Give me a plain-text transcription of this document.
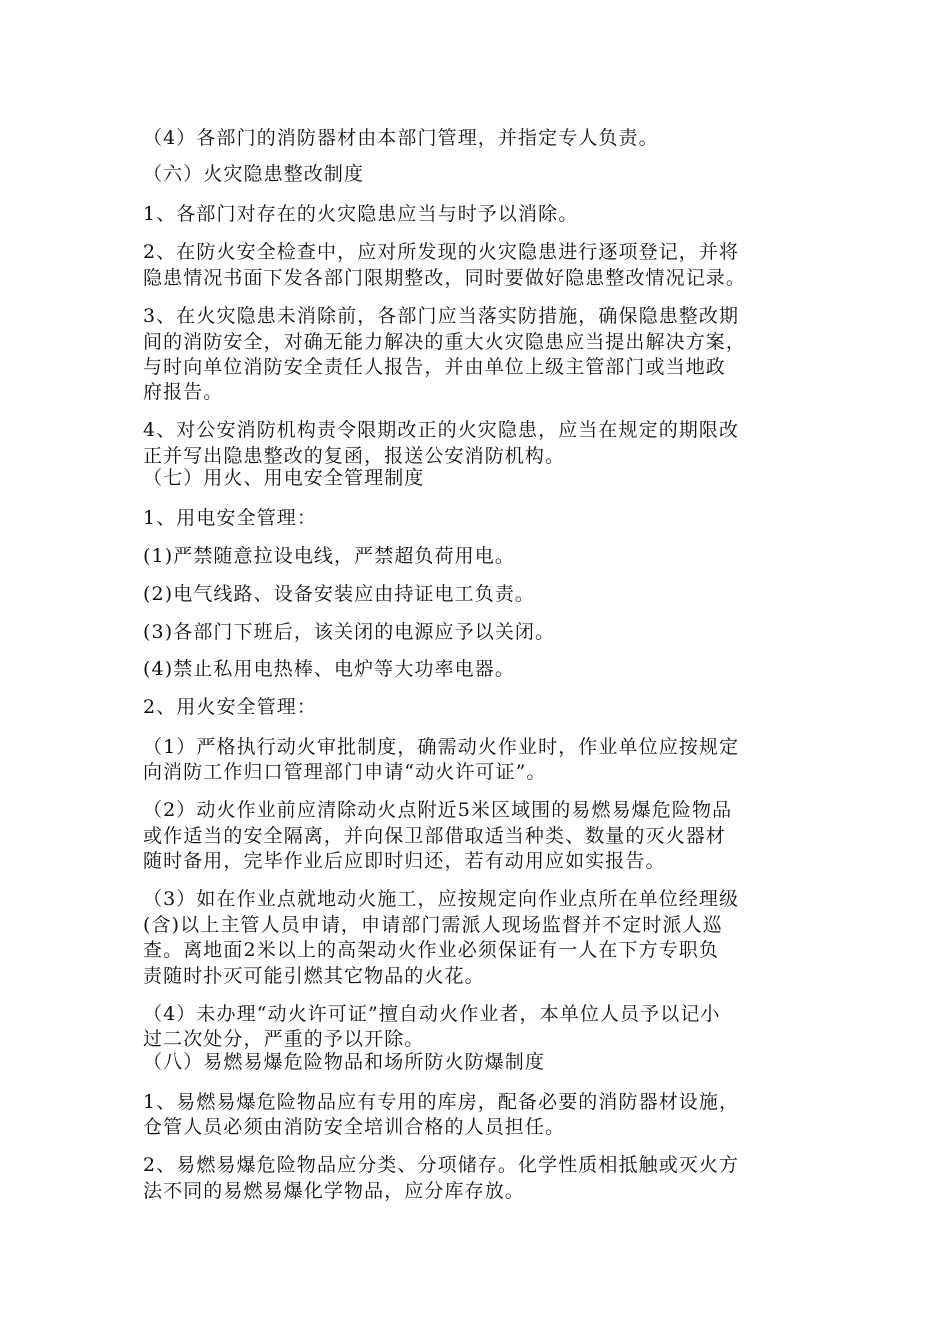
（4）各部门的消防器材由本部门管理，并指定专人负责。
（六）火灾隐患整改制度
1、各部门对存在的火灾隐患应当与时予以消除。
2、在防火安全检查中，应对所发现的火灾隐患进行逐项登记，并将
隐患情况书面下发各部门限期整改，同时要做好隐患整改情况记录。
3、在火灾隐患未消除前，各部门应当落实防措施，确保隐患整改期
间的消防安全，对确无能力解决的重大火灾隐患应当提出解决方案，
与时向单位消防安全责任人报告，并由单位上级主管部门或当地政
府报告。
4、对公安消防机构责令限期改正的火灾隐患，应当在规定的期限改
正并写出隐患整改的复函，报送公安消防机构。
（七）用火、用电安全管理制度
1、用电安全管理：
(1)严禁随意拉设电线，严禁超负荷用电。
(2)电气线路、设备安装应由持证电工负责。
(3)各部门下班后，该关闭的电源应予以关闭。
(4)禁止私用电热棒、电炉等大功率电器。
2、用火安全管理：
（1）严格执行动火审批制度，确需动火作业时，作业单位应按规定
向消防工作归口管理部门申请“动火许可证”。
（2）动火作业前应清除动火点附近5米区域围的易燃易爆危险物品
或作适当的安全隔离，并向保卫部借取适当种类、数量的灭火器材
随时备用，完毕作业后应即时归还，若有动用应如实报告。
（3）如在作业点就地动火施工，应按规定向作业点所在单位经理级
(含)以上主管人员申请，申请部门需派人现场监督并不定时派人巡
查。离地面2米以上的高架动火作业必须保证有一人在下方专职负
责随时扑灭可能引燃其它物品的火花。
（4）未办理“动火许可证”擅自动火作业者，本单位人员予以记小
过二次处分，严重的予以开除。
（八）易燃易爆危险物品和场所防火防爆制度
1、易燃易爆危险物品应有专用的库房，配备必要的消防器材设施，
仓管人员必须由消防安全培训合格的人员担任。
2、易燃易爆危险物品应分类、分项储存。化学性质相抵触或灭火方
法不同的易燃易爆化学物品，应分库存放。
